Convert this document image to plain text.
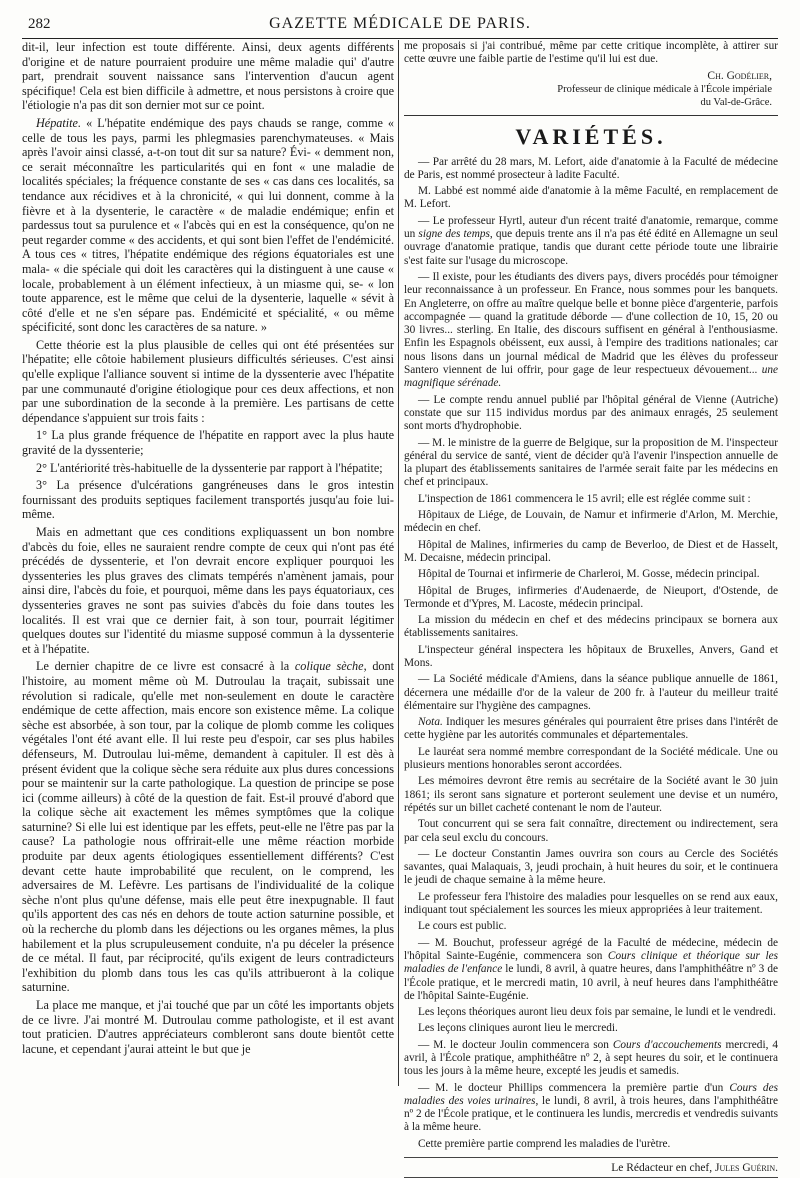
282	GAZETTE MÉDICALE DE PARIS.

dit-il, leur infection est toute différente. Ainsi, deux agents différents d'origine et de nature pourraient produire une même maladie qui' d'autre part, prendrait souvent naissance sans l'intervention d'aucun agent spécifique! Cela est bien difficile à admettre, et nous persistons à croire que l'étiologie n'a pas dit son dernier mot sur ce point.

Hépatite. « L'hépatite endémique des pays chauds se range, comme « celle de tous les pays, parmi les phlegmasies parenchymateuses. « Mais après l'avoir ainsi classé, a-t-on tout dit sur sa nature? Évi- « demment non, ce serait méconnaître les particularités qui en font « une maladie de localités spéciales; la fréquence constante de ses « cas dans ces localités, sa tendance aux récidives et à la chronicité, « qui lui donnent, comme à la fièvre et à la dysenterie, le caractère « de maladie endémique; enfin et pardessus tout sa purulence et « l'abcès qui en est la conséquence, qu'on ne peut regarder comme « des accidents, et qui sont bien l'effet de l'endémicité. A tous ces « titres, l'hépatite endémique des régions équatoriales est une mala- « die spéciale qui doit les caractères qui la distinguent à une cause « locale, probablement à un élément infectieux, à un miasme qui, se- « lon toute apparence, est le même que celui de la dysenterie, laquelle « sévit à côté d'elle et ne s'en sépare pas. Endémicité et spécialité, « ou même spécificité, sont donc les caractères de sa nature. »

Cette théorie est la plus plausible de celles qui ont été présentées sur l'hépatite; elle côtoie habilement plusieurs difficultés sérieuses. C'est ainsi qu'elle explique l'alliance souvent si intime de la dyssenterie avec l'hépatite par une communauté d'origine étiologique pour ces deux affections, et non par une subordination de la seconde à la première. Les partisans de cette dépendance s'appuient sur trois faits :

1° La plus grande fréquence de l'hépatite en rapport avec la plus haute gravité de la dyssenterie;

2° L'antériorité très-habituelle de la dyssenterie par rapport à l'hépatite;

3° La présence d'ulcérations gangréneuses dans le gros intestin fournissant des produits septiques facilement transportés jusqu'au foie lui-même.

Mais en admettant que ces conditions expliquassent un bon nombre d'abcès du foie, elles ne sauraient rendre compte de ceux qui n'ont pas été précédés de dyssenterie, et l'on devrait encore expliquer pourquoi les dyssenteries les plus graves des climats tempérés n'amènent jamais, pour ainsi dire, l'abcès du foie, et pourquoi, même dans les pays équatoriaux, ces dyssenteries graves ne sont pas suivies d'abcès du foie dans toutes les localités. Il est vrai que ce dernier fait, à son tour, pourrait légitimer quelques doutes sur l'identité du miasme supposé commun à la dyssenterie et à l'hépatite.

Le dernier chapitre de ce livre est consacré à la colique sèche, dont l'histoire, au moment même où M. Dutroulau la traçait, subissait une révolution si radicale, qu'elle met non-seulement en doute le caractère endémique de cette affection, mais encore son existence même. La colique sèche est absorbée, à son tour, par la colique de plomb comme les coliques végétales l'ont été avant elle. Il lui reste peu d'espoir, car ses plus habiles défenseurs, M. Dutroulau lui-même, demandent à capituler. Il est dès à présent évident que la colique sèche sera réduite aux plus dures concessions pour se maintenir sur la carte pathologique. La question de principe se pose ici (comme ailleurs) à côté de la question de fait. Est-il prouvé d'abord que la colique sèche ait exactement les mêmes symptômes que la colique saturnine? Si elle lui est identique par les effets, peut-elle ne l'être pas par la cause? La pathologie nous offrirait-elle une même réaction morbide produite par deux agents étiologiques essentiellement différents? C'est devant cette haute improbabilité que reculent, on le comprend, les adversaires de M. Lefèvre. Les partisans de l'individualité de la colique sèche n'ont plus qu'une défense, mais elle peut être inexpugnable. Il faut qu'ils apportent des cas nés en dehors de toute action saturnine possible, et où la recherche du plomb dans les déjections ou les organes mêmes, la plus habilement et la plus scrupuleusement conduite, n'a pu déceler la présence de ce métal. Il faut, par réciprocité, qu'ils exigent de leurs contradicteurs l'exhibition du plomb dans tous les cas qu'ils attribueront à la colique saturnine.

La place me manque, et j'ai touché que par un côté les importants objets de ce livre. J'ai montré M. Dutroulau comme pathologiste, et il est avant tout praticien. D'autres appréciateurs combleront sans doute bientôt cette lacune, et cependant j'aurai atteint le but que je

me proposais si j'ai contribué, même par cette critique incomplète, à attirer sur cette œuvre une faible partie de l'estime qu'il lui est due.

Ch. Godélier,
Professeur de clinique médicale à l'École impériale
du Val-de-Grâce.
VARIÉTÉS.

— Par arrêté du 28 mars, M. Lefort, aide d'anatomie à la Faculté de médecine de Paris, est nommé prosecteur à ladite Faculté.

M. Labbé est nommé aide d'anatomie à la même Faculté, en remplacement de M. Lefort.

— Le professeur Hyrtl, auteur d'un récent traité d'anatomie, remarque, comme un signe des temps, que depuis trente ans il n'a pas été édité en Allemagne un seul ouvrage d'anatomie pratique, tandis que durant cette période toute une librairie s'est faite sur l'usage du microscope.

— Il existe, pour les étudiants des divers pays, divers procédés pour témoigner leur reconnaissance à un professeur. En France, nous sommes pour les banquets. En Angleterre, on offre au maître quelque belle et bonne pièce d'argenterie, parfois accompagnée — quand la gratitude déborde — d'une collection de 10, 15, 20 ou 30 livres... sterling. En Italie, des discours suffisent en général à l'enthousiasme. Enfin les Espagnols obéissent, eux aussi, à l'empire des traditions nationales; car nous lisons dans un journal médical de Madrid que les élèves du professeur Santero viennent de lui offrir, pour gage de leur respectueux dévouement... une magnifique sérénade.

— Le compte rendu annuel publié par l'hôpital général de Vienne (Autriche) constate que sur 115 individus mordus par des animaux enragés, 25 seulement sont morts d'hydrophobie.

— M. le ministre de la guerre de Belgique, sur la proposition de M. l'inspecteur général du service de santé, vient de décider qu'à l'avenir l'inspection annuelle de la plupart des établissements sanitaires de l'armée serait faite par les médecins en chef et principaux.

L'inspection de 1861 commencera le 15 avril; elle est réglée comme suit :

Hôpitaux de Liége, de Louvain, de Namur et infirmerie d'Arlon, M. Merchie, médecin en chef.

Hôpital de Malines, infirmeries du camp de Beverloo, de Diest et de Hasselt, M. Decaisne, médecin principal.

Hôpital de Tournai et infirmerie de Charleroi, M. Gosse, médecin principal.

Hôpital de Bruges, infirmeries d'Audenaerde, de Nieuport, d'Ostende, de Termonde et d'Ypres, M. Lacoste, médecin principal.

La mission du médecin en chef et des médecins principaux se bornera aux établissements sanitaires.

L'inspecteur général inspectera les hôpitaux de Bruxelles, Anvers, Gand et Mons.

— La Société médicale d'Amiens, dans la séance publique annuelle de 1861, décernera une médaille d'or de la valeur de 200 fr. à l'auteur du meilleur traité élémentaire sur l'hygiène des campagnes.

Nota. Indiquer les mesures générales qui pourraient être prises dans l'intérêt de cette hygiène par les autorités communales et départementales.

Le lauréat sera nommé membre correspondant de la Société médicale. Une ou plusieurs mentions honorables seront accordées.

Les mémoires devront être remis au secrétaire de la Société avant le 30 juin 1861; ils seront sans signature et porteront seulement une devise et un numéro, répétés sur un billet cacheté contenant le nom de l'auteur.

Tout concurrent qui se sera fait connaître, directement ou indirectement, sera par cela seul exclu du concours.

— Le docteur Constantin James ouvrira son cours au Cercle des Sociétés savantes, quai Malaquais, 3, jeudi prochain, à huit heures du soir, et le continuera le jeudi de chaque semaine à la même heure.

Le professeur fera l'histoire des maladies pour lesquelles on se rend aux eaux, indiquant tout spécialement les sources les mieux appropriées à leur traitement.

Le cours est public.

— M. Bouchut, professeur agrégé de la Faculté de médecine, médecin de l'hôpital Sainte-Eugénie, commencera son Cours clinique et théorique sur les maladies de l'enfance le lundi, 8 avril, à quatre heures, dans l'amphithéâtre nº 3 de l'École pratique, et le mercredi matin, 10 avril, à neuf heures dans l'amphithéâtre de l'hôpital Sainte-Eugénie.

Les leçons théoriques auront lieu deux fois par semaine, le lundi et le vendredi.

Les leçons cliniques auront lieu le mercredi.

— M. le docteur Joulin commencera son Cours d'accouchements mercredi, 4 avril, à l'École pratique, amphithéâtre nº 2, à sept heures du soir, et le continuera tous les jours à la même heure, excepté les jeudis et samedis.

— M. le docteur Phillips commencera la première partie d'un Cours des maladies des voies urinaires, le lundi, 8 avril, à trois heures, dans l'amphithéâtre nº 2 de l'École pratique, et le continuera les lundis, mercredis et vendredis suivants à la même heure.

Cette première partie comprend les maladies de l'urètre.

Le Rédacteur en chef, Jules Guérin.
